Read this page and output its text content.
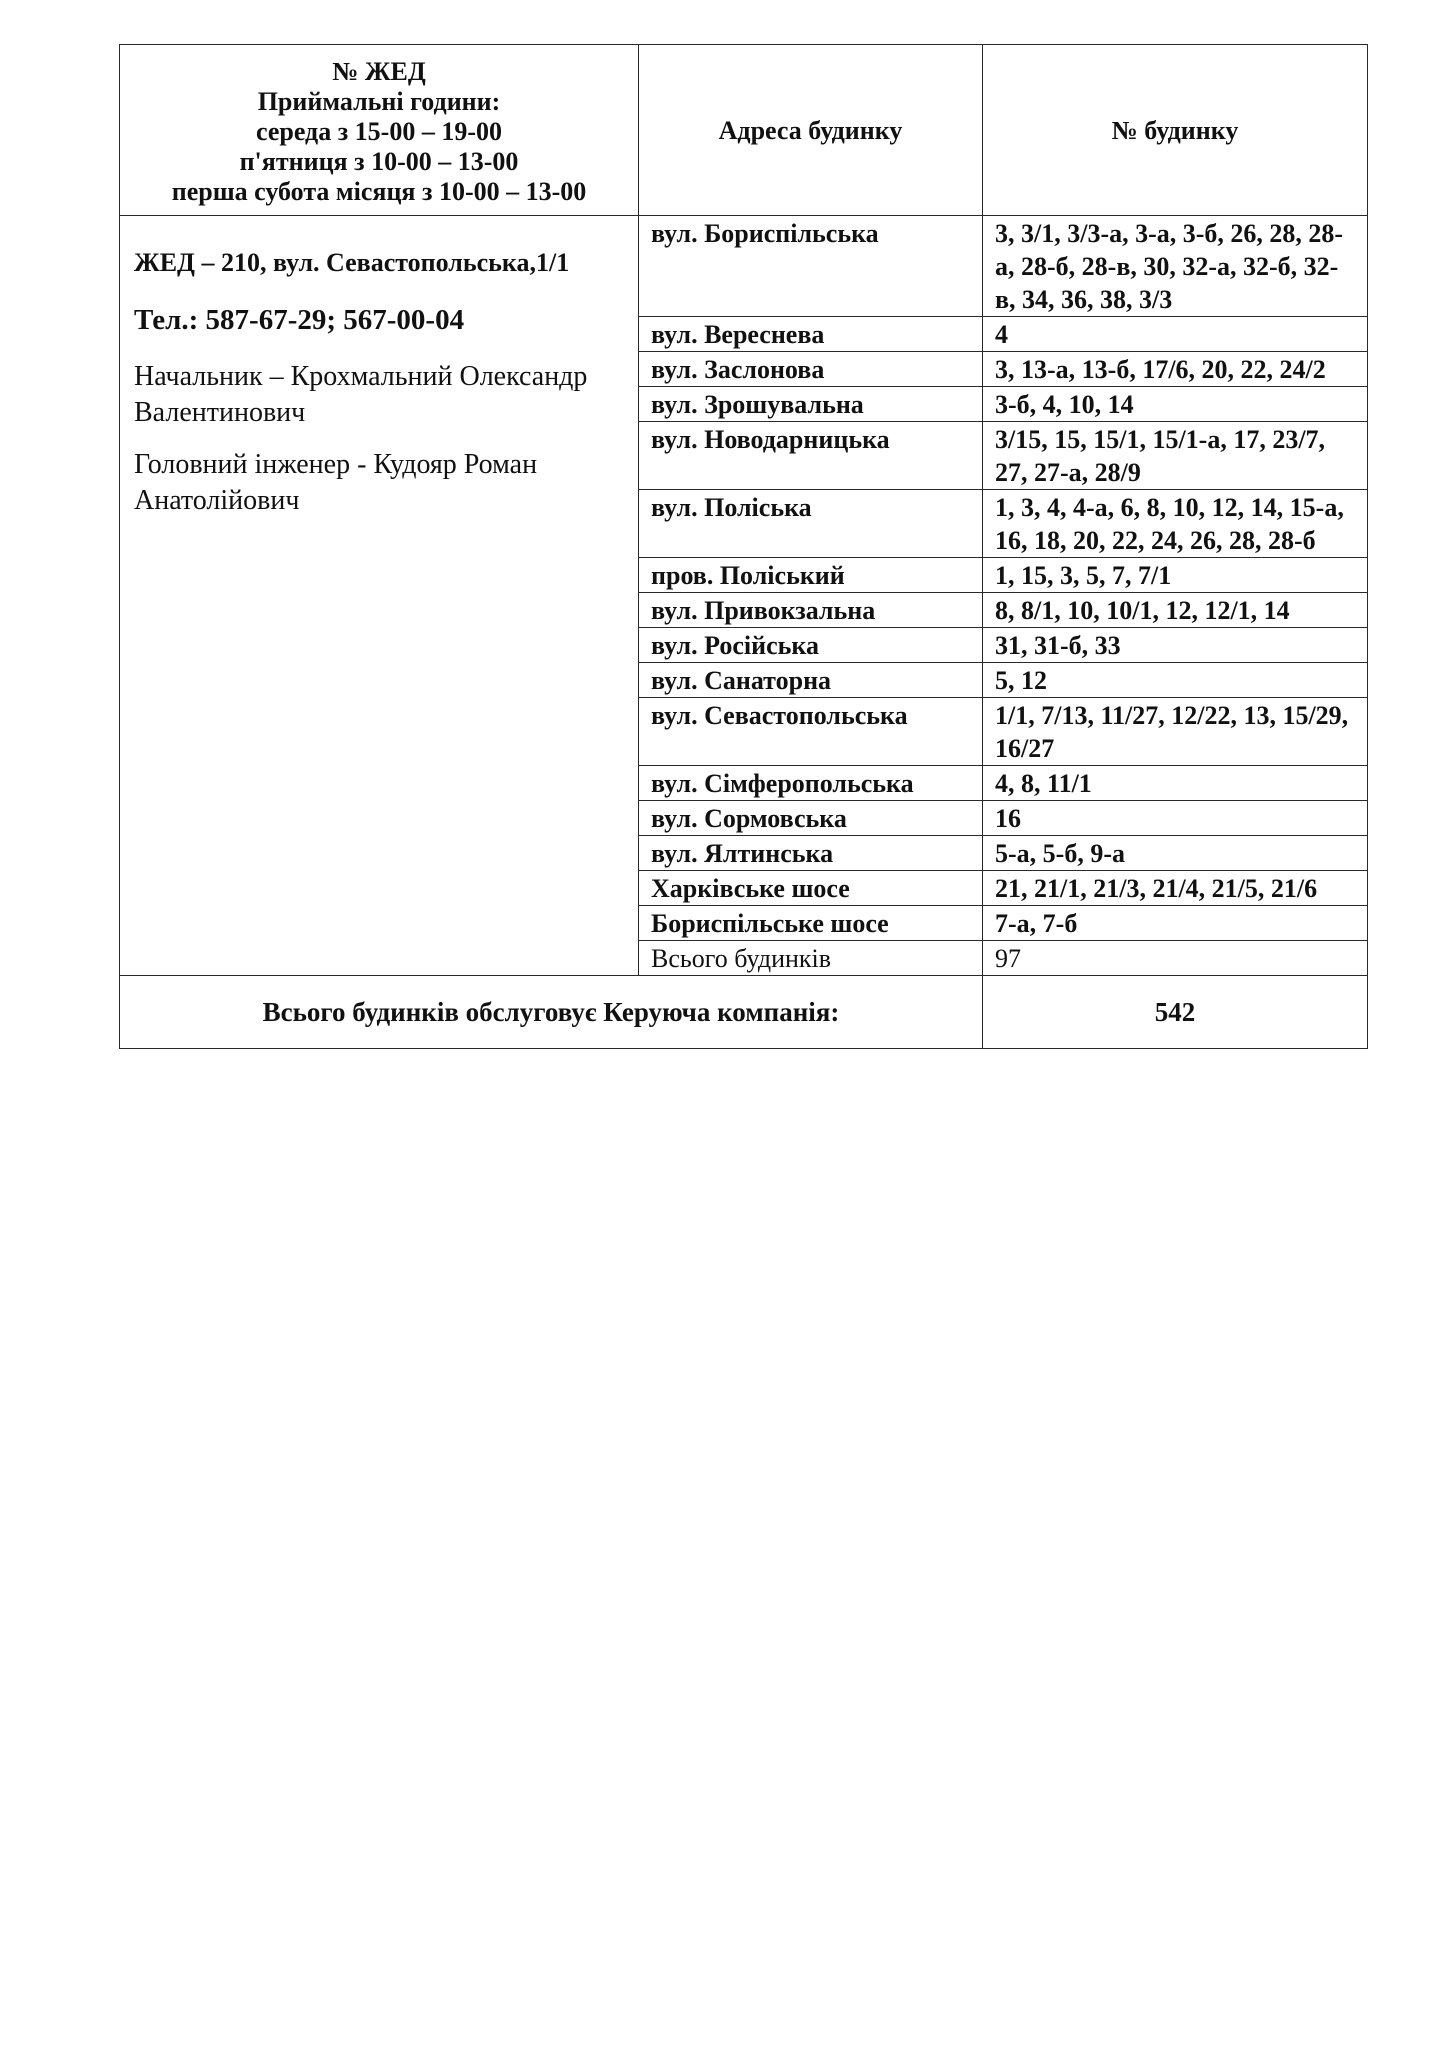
№ ЖЕД
Приймальні години:
середа з 15-00 – 19-00
п'ятниця з 10-00 – 13-00
перша субота місяця з 10-00 – 13-00	Адреса будинку	№ будинку

ЖЕД – 210, вул. Севастопольська,1/1
Тел.: 587-67-29; 567-00-04
Начальник – Крохмальний Олександр Валентинович
Головний інженер - Кудояр Роман Анатолійович	вул. Бориспільська	3, 3/1, 3/3-а, 3-а, 3-б, 26, 28, 28-а, 28-б, 28-в, 30, 32-а, 32-б, 32-в, 34, 36, 38, 3/3
	вул. Вереснева	4
	вул. Заслонова	3, 13-а, 13-б, 17/6, 20, 22, 24/2
	вул. Зрошувальна	3-б, 4, 10, 14
	вул. Новодарницька	3/15, 15, 15/1, 15/1-а, 17, 23/7, 27, 27-а, 28/9
	вул. Поліська	1, 3, 4, 4-а, 6, 8, 10, 12, 14, 15-а, 16, 18, 20, 22, 24, 26, 28, 28-б
	пров. Поліський	1, 15, 3, 5, 7, 7/1
	вул. Привокзальна	8, 8/1, 10, 10/1, 12, 12/1, 14
	вул. Російська	31, 31-б, 33
	вул. Санаторна	5, 12
	вул. Севастопольська	1/1, 7/13, 11/27, 12/22, 13, 15/29, 16/27
	вул. Сімферопольська	4, 8, 11/1
	вул. Сормовська	16
	вул. Ялтинська	5-а, 5-б, 9-а
	Харківське шосе	21, 21/1, 21/3, 21/4, 21/5, 21/6
	Бориспільське шосе	7-а, 7-б
	Всього будинків	97
Всього будинків обслуговує Керуюча компанія:		542
